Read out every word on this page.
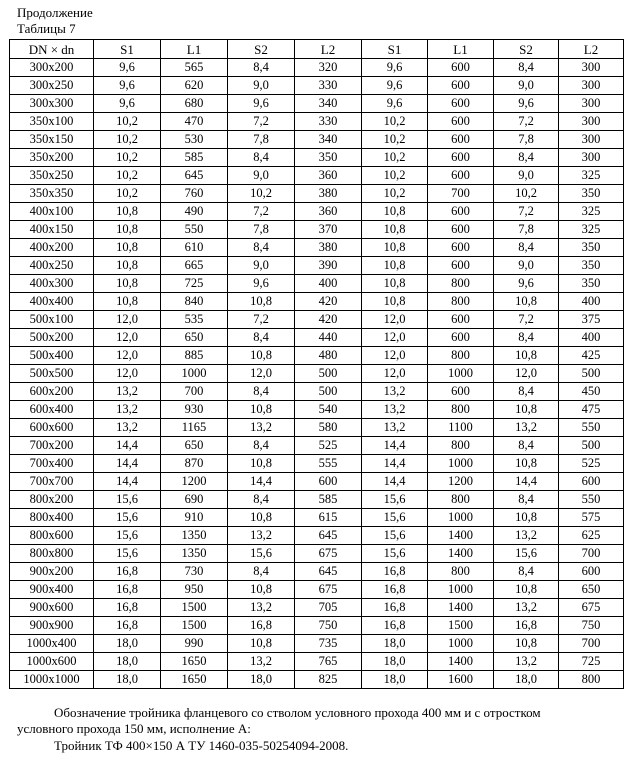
Продолжение
Таблицы 7
DN × dn	S1	L1	S2	L2	S1	L1	S2	L2
300x200	9,6	565	8,4	320	9,6	600	8,4	300
300x250	9,6	620	9,0	330	9,6	600	9,0	300
300x300	9,6	680	9,6	340	9,6	600	9,6	300
350x100	10,2	470	7,2	330	10,2	600	7,2	300
350x150	10,2	530	7,8	340	10,2	600	7,8	300
350x200	10,2	585	8,4	350	10,2	600	8,4	300
350x250	10,2	645	9,0	360	10,2	600	9,0	325
350x350	10,2	760	10,2	380	10,2	700	10,2	350
400x100	10,8	490	7,2	360	10,8	600	7,2	325
400x150	10,8	550	7,8	370	10,8	600	7,8	325
400x200	10,8	610	8,4	380	10,8	600	8,4	350
400x250	10,8	665	9,0	390	10,8	600	9,0	350
400x300	10,8	725	9,6	400	10,8	800	9,6	350
400x400	10,8	840	10,8	420	10,8	800	10,8	400
500x100	12,0	535	7,2	420	12,0	600	7,2	375
500x200	12,0	650	8,4	440	12,0	600	8,4	400
500x400	12,0	885	10,8	480	12,0	800	10,8	425
500x500	12,0	1000	12,0	500	12,0	1000	12,0	500
600x200	13,2	700	8,4	500	13,2	600	8,4	450
600x400	13,2	930	10,8	540	13,2	800	10,8	475
600x600	13,2	1165	13,2	580	13,2	1100	13,2	550
700x200	14,4	650	8,4	525	14,4	800	8,4	500
700x400	14,4	870	10,8	555	14,4	1000	10,8	525
700x700	14,4	1200	14,4	600	14,4	1200	14,4	600
800x200	15,6	690	8,4	585	15,6	800	8,4	550
800x400	15,6	910	10,8	615	15,6	1000	10,8	575
800x600	15,6	1350	13,2	645	15,6	1400	13,2	625
800x800	15,6	1350	15,6	675	15,6	1400	15,6	700
900x200	16,8	730	8,4	645	16,8	800	8,4	600
900x400	16,8	950	10,8	675	16,8	1000	10,8	650
900x600	16,8	1500	13,2	705	16,8	1400	13,2	675
900x900	16,8	1500	16,8	750	16,8	1500	16,8	750
1000x400	18,0	990	10,8	735	18,0	1000	10,8	700
1000x600	18,0	1650	13,2	765	18,0	1400	13,2	725
1000x1000	18,0	1650	18,0	825	18,0	1600	18,0	800
Обозначение тройника фланцевого со стволом условного прохода 400 мм и с отростком
условного прохода 150 мм, исполнение А:
Тройник ТФ 400×150 А ТУ 1460-035-50254094-2008.
